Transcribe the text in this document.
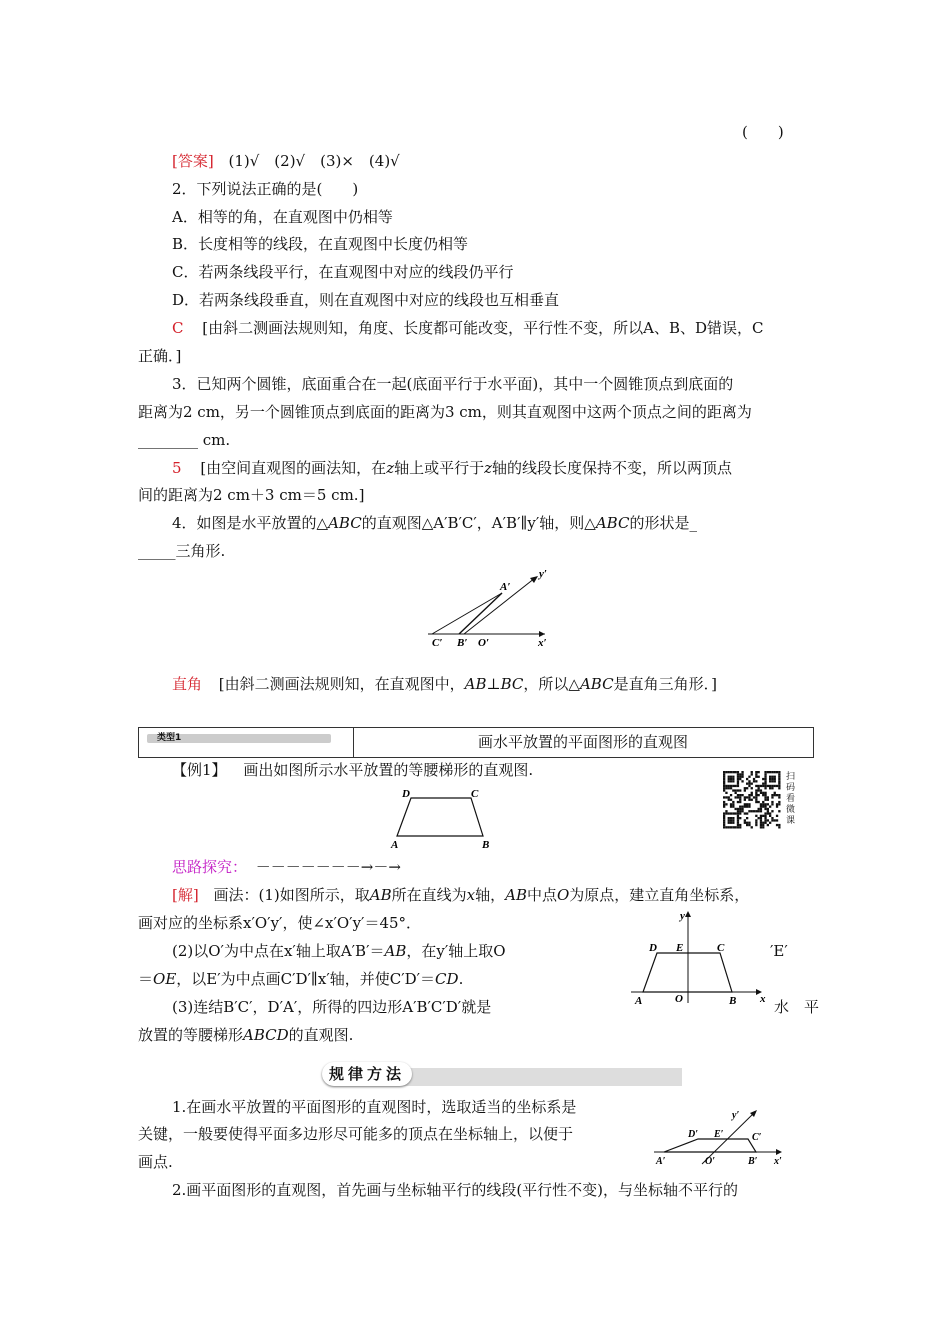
(　　)
[答案] (1)√　(2)√　(3)×　(4)√
2．下列说法正确的是(　　)
A．相等的角，在直观图中仍相等
B．长度相等的线段，在直观图中长度仍相等
C．若两条线段平行，在直观图中对应的线段仍平行
D．若两条线段垂直，则在直观图中对应的线段也互相垂直
C [由斜二测画法规则知，角度、长度都可能改变，平行性不变，所以A、B、D错误，C
正确．]
3．已知两个圆锥，底面重合在一起(底面平行于水平面)，其中一个圆锥顶点到底面的
距离为2 cm，另一个圆锥顶点到底面的距离为3 cm，则其直观图中这两个顶点之间的距离为
________ cm.
5 [由空间直观图的画法知，在z轴上或平行于z轴的线段长度保持不变，所以两顶点
间的距离为2 cm＋3 cm＝5 cm.]
4．如图是水平放置的△ABC的直观图△A′B′C′，A′B′∥y′轴，则△ABC的形状是_
_____三角形.
A′
C′ B′ O′	x′
y′
直角 [由斜二测画法规则知，在直观图中，AB⊥BC，所以△ABC是直角三角形．]
类型1	画水平放置的平面图形的直观图
【例1】 画出如图所示水平放置的等腰梯形的直观图.	扫码看微课
D	C
A	B
思路探究： －－－－－－－→－→
[解] 画法：(1)如图所示，取AB所在直线为x轴，AB中点O为原点，建立直角坐标系，
画对应的坐标系x′O′y′，使∠x′O′y′＝45°．
(2)以O′为中点在x′轴上取A′B′＝AB，在y′轴上取O	′E′
＝OE，以E′为中点画C′D′∥x′轴，并使C′D′＝CD.
(3)连结B′C′，D′A′，所得的四边形A′B′C′D′就是	水　平
放置的等腰梯形ABCD的直观图.
y
D E	C
A	O	B x
规律方法
1.在画水平放置的平面图形的直观图时，选取适当的坐标系是
关键，一般要使得平面多边形尽可能多的顶点在坐标轴上，以便于
画点.
2.画平面图形的直观图，首先画与坐标轴平行的线段(平行性不变)，与坐标轴不平行的
y′
D′ E′	C′
A′	O′	B′ x′
